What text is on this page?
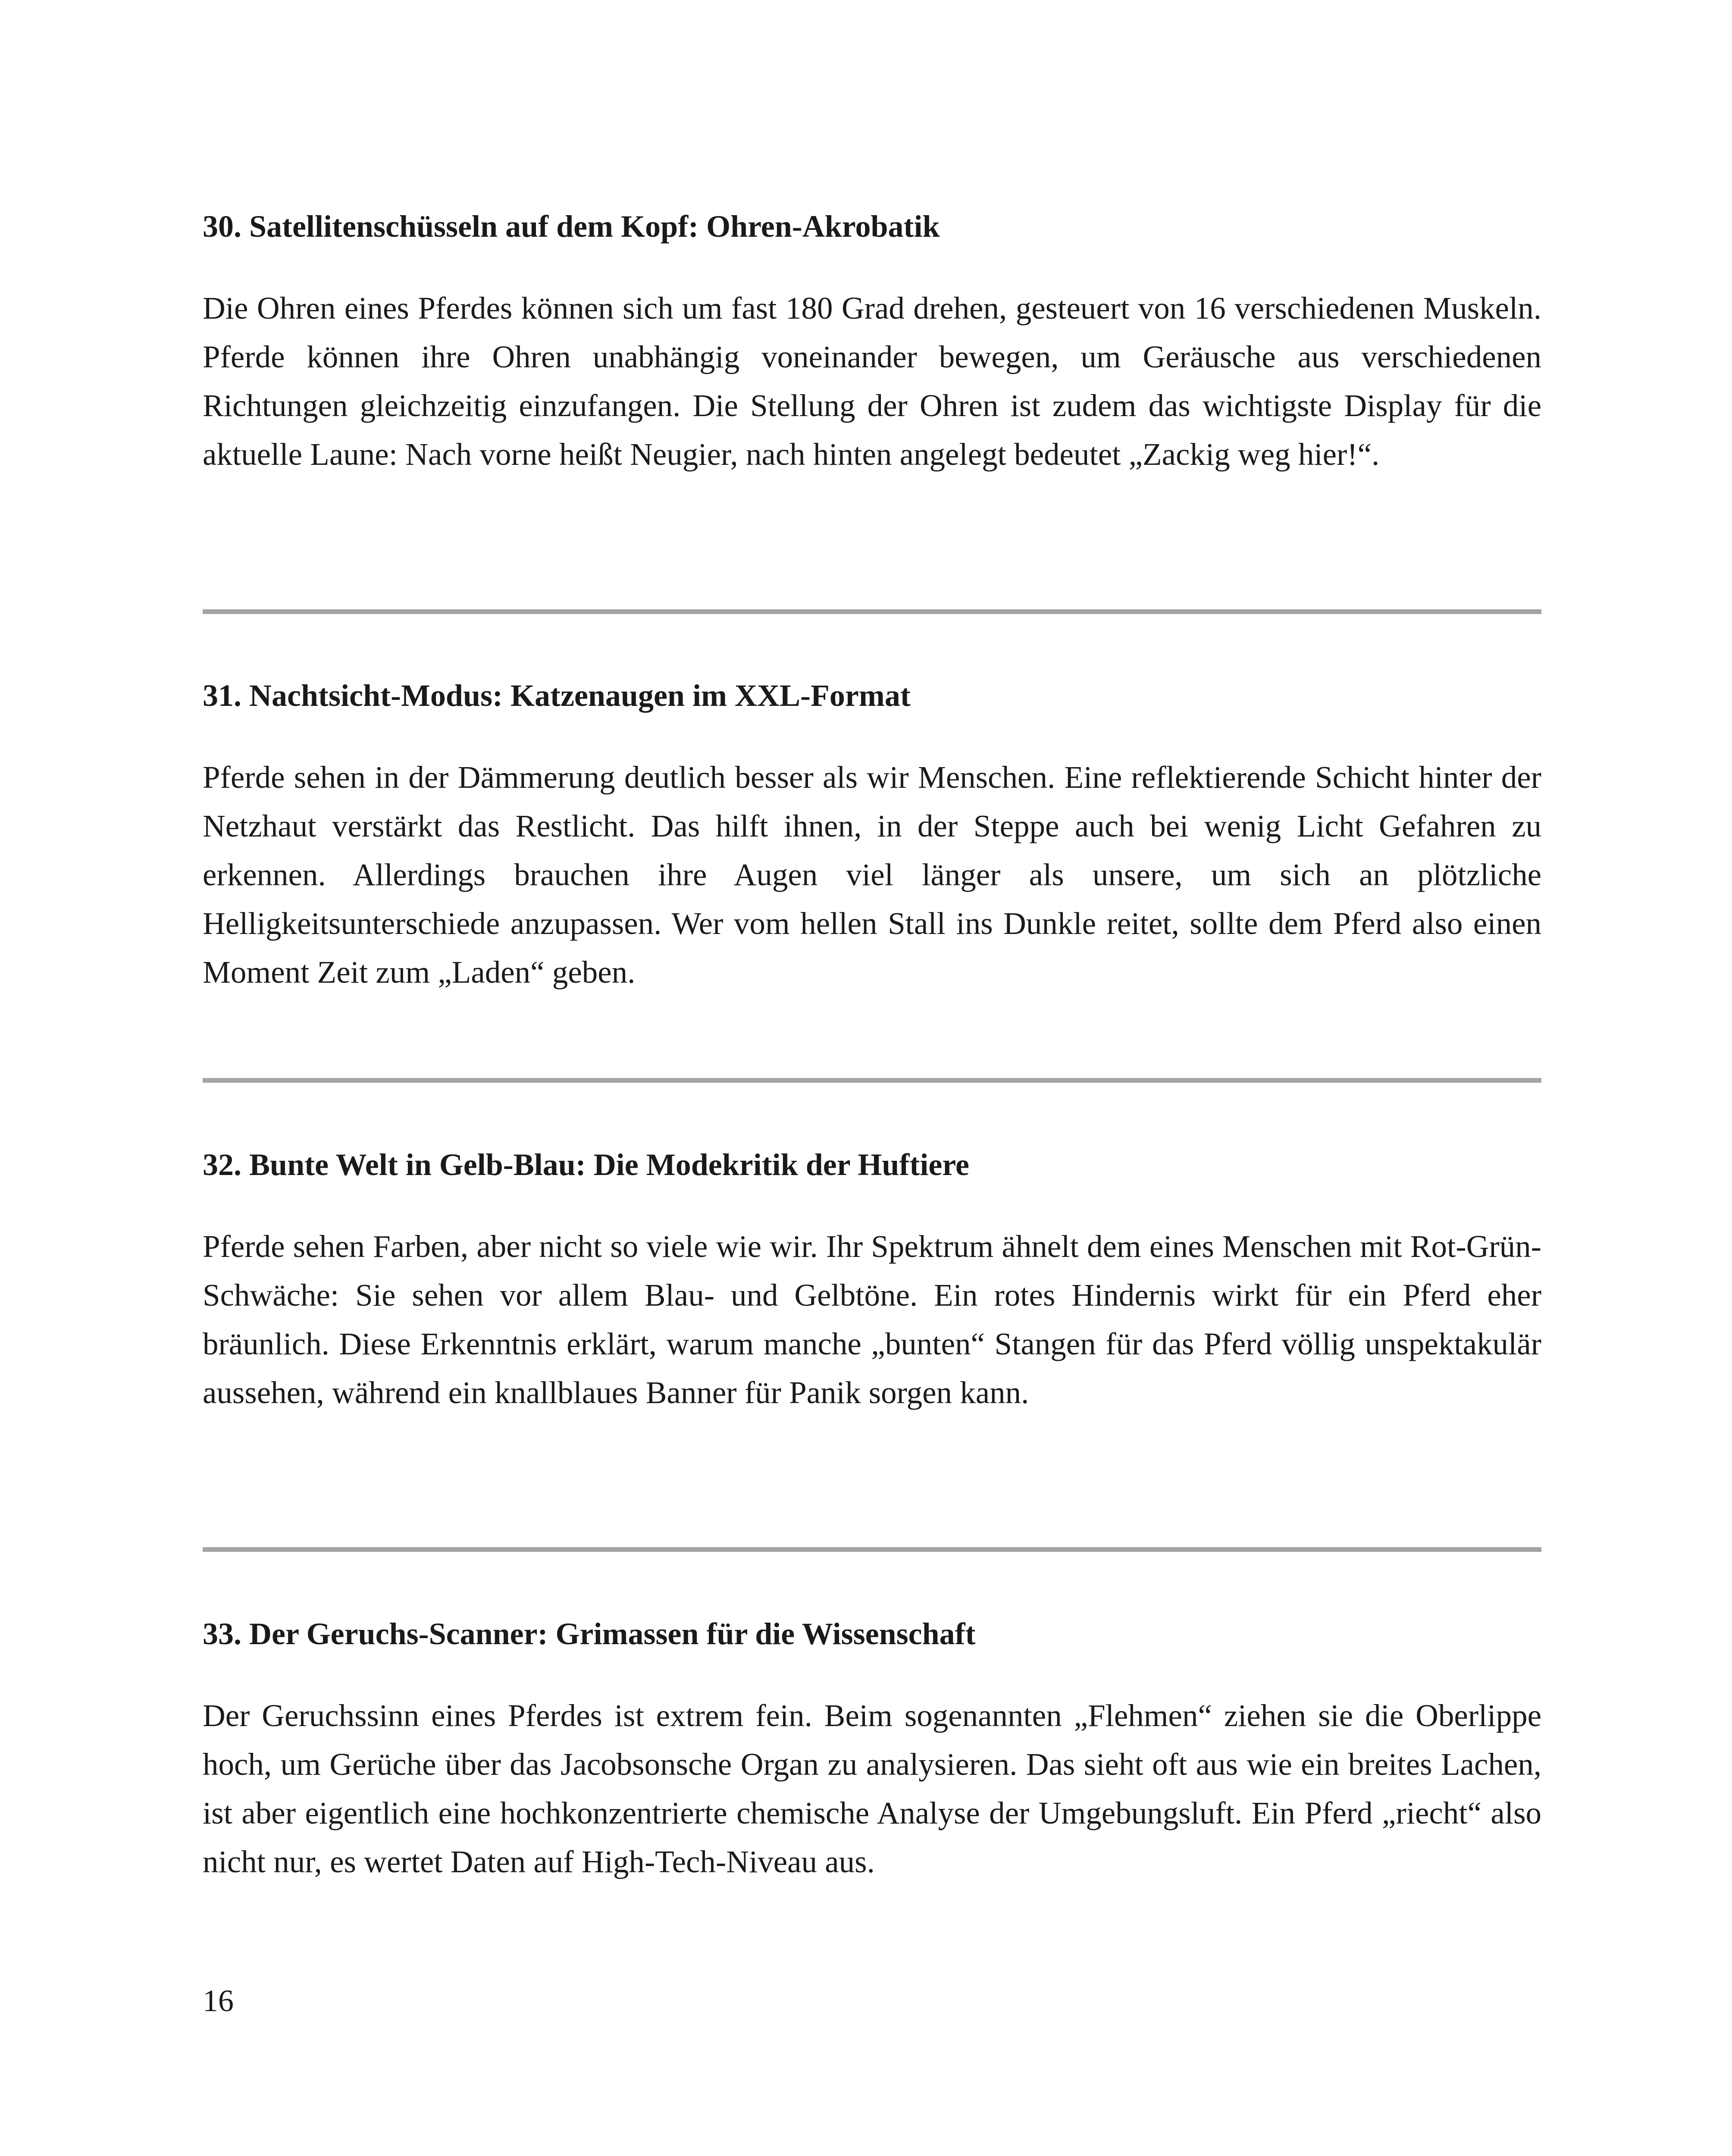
30. Satellitenschüsseln auf dem Kopf: Ohren-Akrobatik

Die Ohren eines Pferdes können sich um fast 180 Grad drehen, gesteuert von 16 verschiedenen Muskeln. Pferde können ihre Ohren unabhängig voneinander bewegen, um Geräusche aus verschiedenen Richtungen gleichzeitig einzufangen. Die Stellung der Ohren ist zudem das wichtigste Display für die aktuelle Laune: Nach vorne heißt Neugier, nach hinten angelegt bedeutet „Zackig weg hier!“.

31. Nachtsicht-Modus: Katzenaugen im XXL-Format

Pferde sehen in der Dämmerung deutlich besser als wir Menschen. Eine reflektierende Schicht hinter der Netzhaut verstärkt das Restlicht. Das hilft ihnen, in der Steppe auch bei wenig Licht Gefahren zu erkennen. Allerdings brauchen ihre Augen viel länger als unsere, um sich an plötzliche Helligkeitsunterschiede anzupassen. Wer vom hellen Stall ins Dunkle reitet, sollte dem Pferd also einen Moment Zeit zum „Laden“ geben.

32. Bunte Welt in Gelb-Blau: Die Modekritik der Huftiere

Pferde sehen Farben, aber nicht so viele wie wir. Ihr Spektrum ähnelt dem eines Menschen mit Rot-Grün-Schwäche: Sie sehen vor allem Blau- und Gelbtöne. Ein rotes Hindernis wirkt für ein Pferd eher bräunlich. Diese Erkenntnis erklärt, warum manche „bunten“ Stangen für das Pferd völlig unspektakulär aussehen, während ein knallblaues Banner für Panik sorgen kann.

33. Der Geruchs-Scanner: Grimassen für die Wissenschaft

Der Geruchssinn eines Pferdes ist extrem fein. Beim sogenannten „Flehmen“ ziehen sie die Oberlippe hoch, um Gerüche über das Jacobsonsche Organ zu analysieren. Das sieht oft aus wie ein breites Lachen, ist aber eigentlich eine hochkonzentrierte chemische Analyse der Umgebungsluft. Ein Pferd „riecht“ also nicht nur, es wertet Daten auf High-Tech-Niveau aus.

16
